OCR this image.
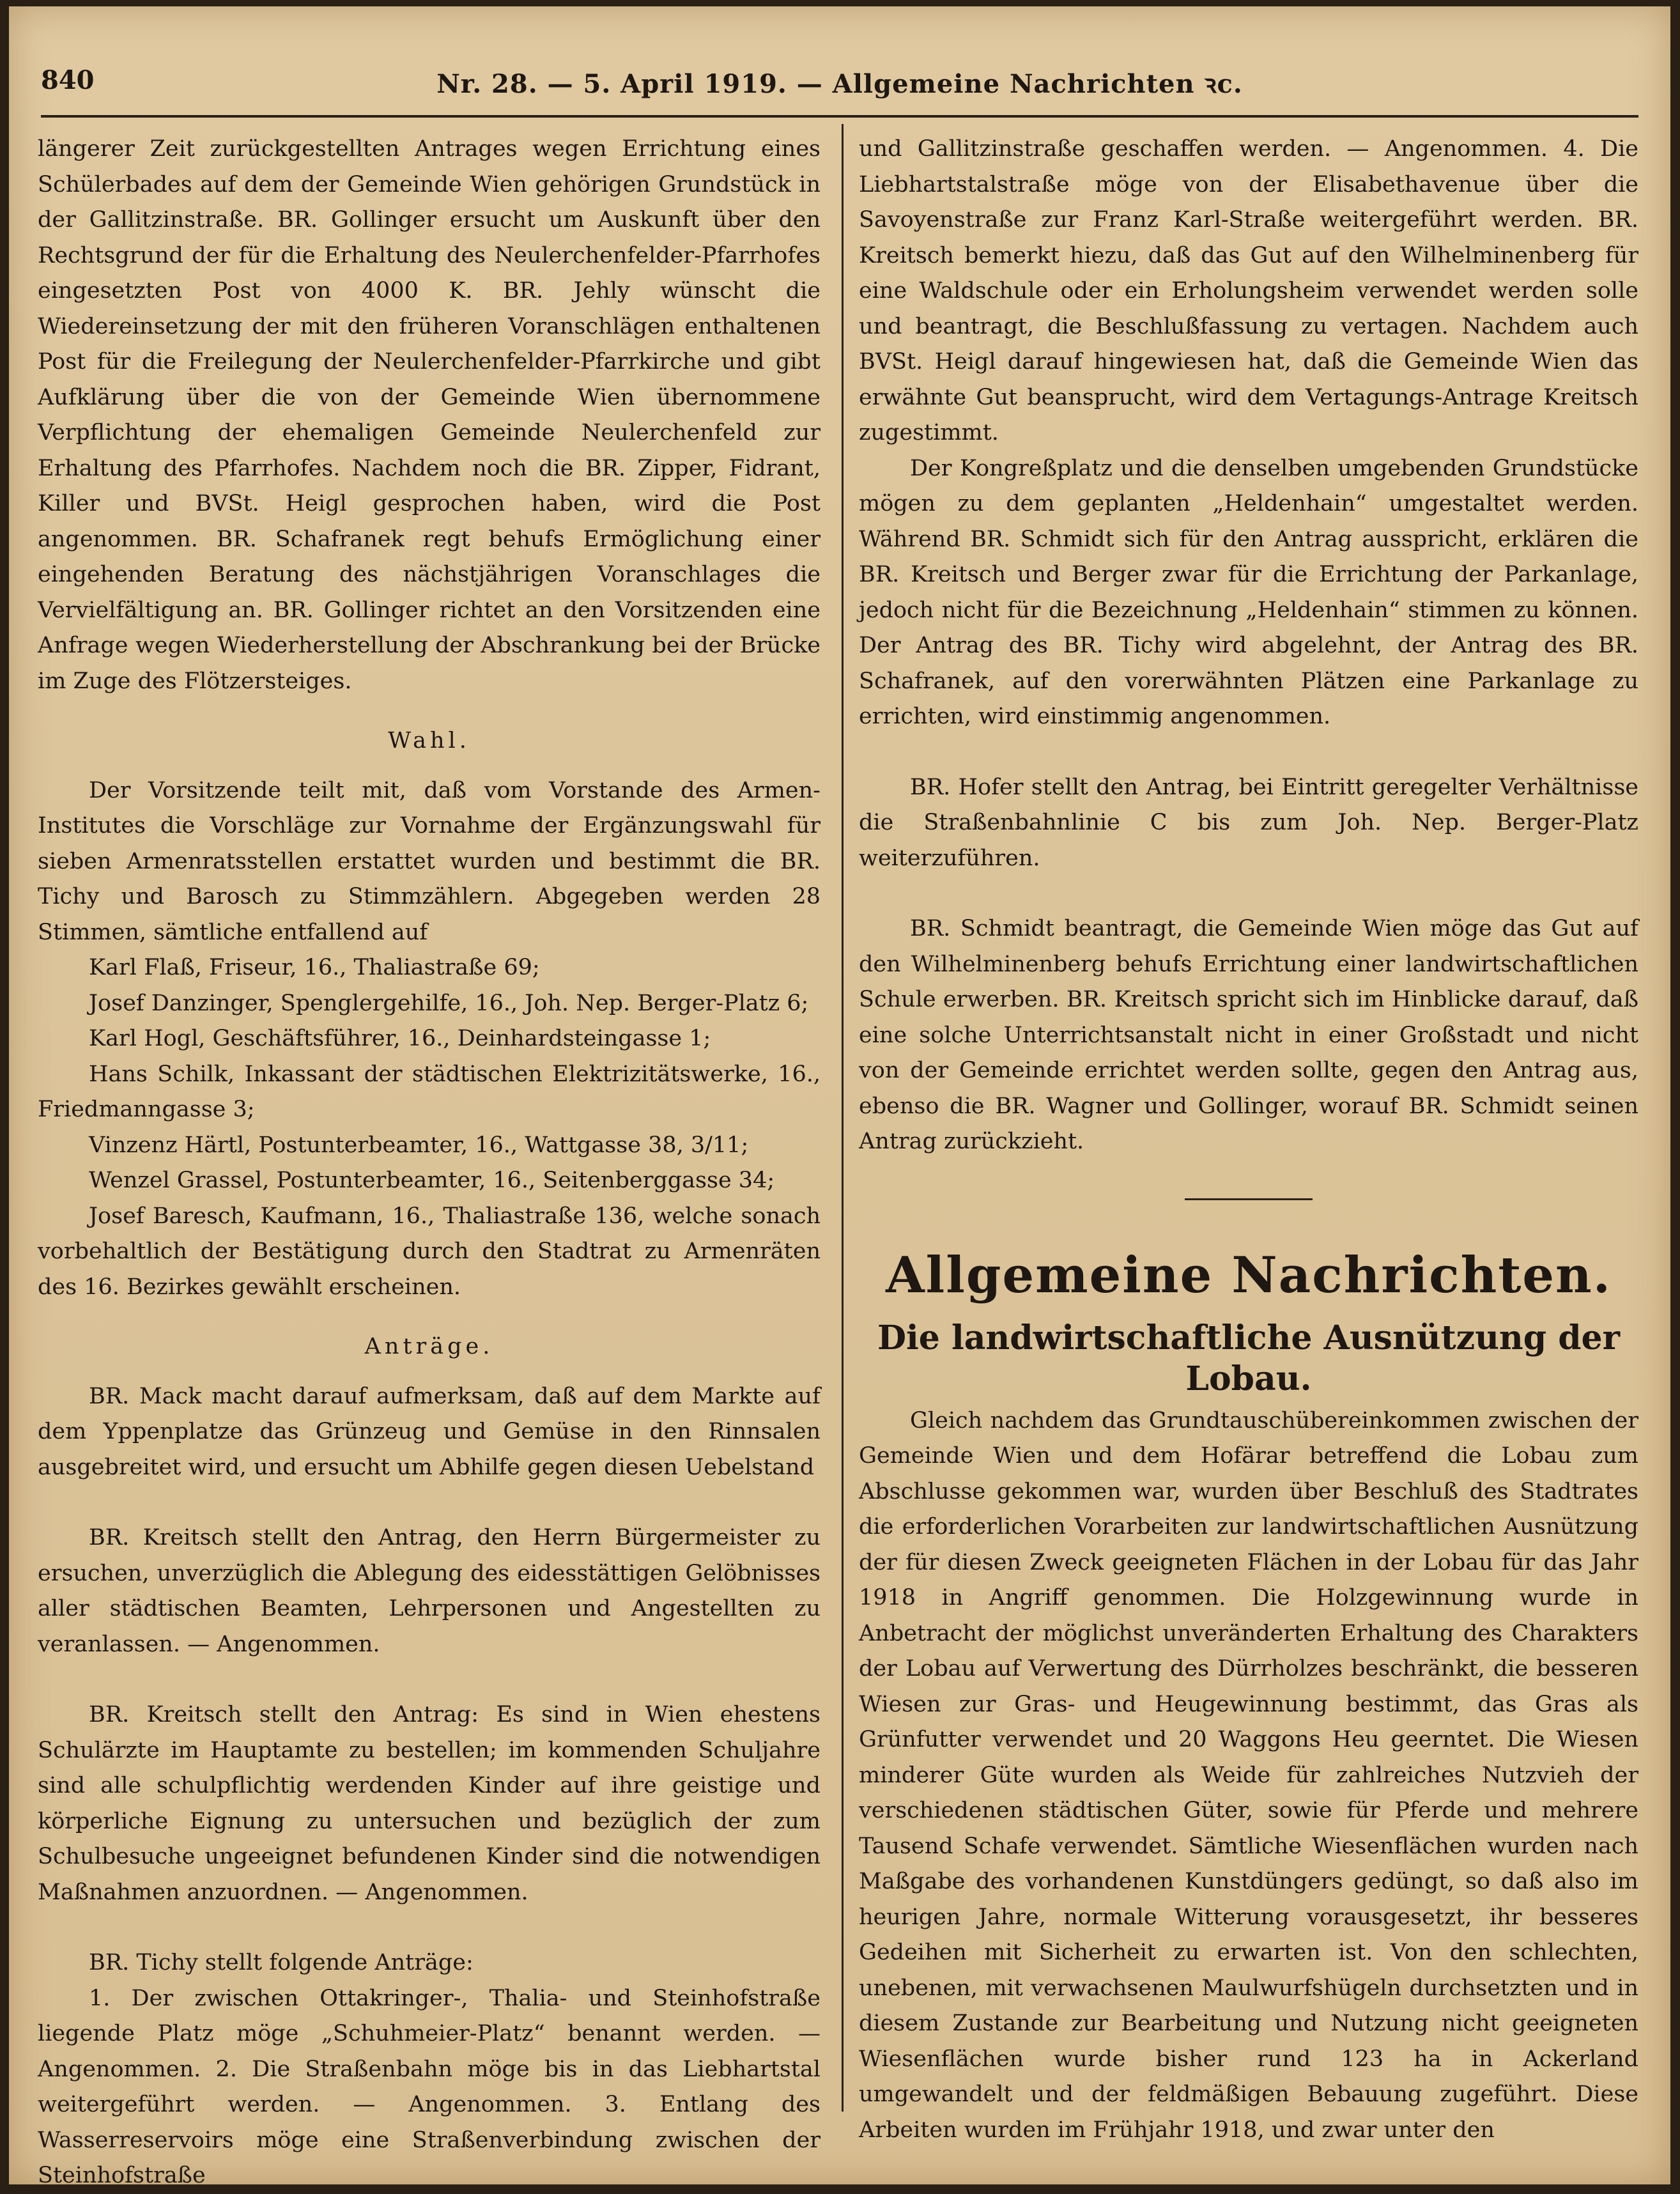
840	Nr. 28. — 5. April 1919. — Allgemeine Nachrichten ꝛc.

längerer Zeit zurückgestellten Antrages wegen Errichtung eines Schülerbades auf dem der Gemeinde Wien gehörigen Grundstück in der Gallitzinstraße. BR. Gollinger ersucht um Auskunft über den Rechtsgrund der für die Erhaltung des Neulerchenfelder-Pfarrhofes eingesetzten Post von 4000 K. BR. Jehly wünscht die Wiedereinsetzung der mit den früheren Voranschlägen enthaltenen Post für die Freilegung der Neulerchenfelder-Pfarrkirche und gibt Aufklärung über die von der Gemeinde Wien übernommene Verpflichtung der ehemaligen Gemeinde Neulerchenfeld zur Erhaltung des Pfarrhofes. Nachdem noch die BR. Zipper, Fidrant, Killer und BVSt. Heigl gesprochen haben, wird die Post angenommen. BR. Schafranek regt behufs Ermöglichung einer eingehenden Beratung des nächstjährigen Voranschlages die Vervielfältigung an. BR. Gollinger richtet an den Vorsitzenden eine Anfrage wegen Wiederherstellung der Abschrankung bei der Brücke im Zuge des Flötzersteiges.

Wahl.

Der Vorsitzende teilt mit, daß vom Vorstande des Armen-Institutes die Vorschläge zur Vornahme der Ergänzungswahl für sieben Armenratsstellen erstattet wurden und bestimmt die BR. Tichy und Barosch zu Stimmzählern. Abgegeben werden 28 Stimmen, sämtliche entfallend auf

Karl Flaß, Friseur, 16., Thaliastraße 69;

Josef Danzinger, Spenglergehilfe, 16., Joh. Nep. Berger-Platz 6;

Karl Hogl, Geschäftsführer, 16., Deinhardsteingasse 1;

Hans Schilk, Inkassant der städtischen Elektrizitätswerke, 16., Friedmanngasse 3;

Vinzenz Härtl, Postunterbeamter, 16., Wattgasse 38, 3/11;

Wenzel Grassel, Postunterbeamter, 16., Seitenberggasse 34;

Josef Baresch, Kaufmann, 16., Thaliastraße 136, welche sonach vorbehaltlich der Bestätigung durch den Stadtrat zu Armenräten des 16. Bezirkes gewählt erscheinen.

Anträge.

BR. Mack macht darauf aufmerksam, daß auf dem Markte auf dem Yppenplatze das Grünzeug und Gemüse in den Rinnsalen ausgebreitet wird, und ersucht um Abhilfe gegen diesen Uebelstand

BR. Kreitsch stellt den Antrag, den Herrn Bürgermeister zu ersuchen, unverzüglich die Ablegung des eidesstättigen Gelöbnisses aller städtischen Beamten, Lehrpersonen und Angestellten zu veranlassen. — Angenommen.

BR. Kreitsch stellt den Antrag: Es sind in Wien ehestens Schulärzte im Hauptamte zu bestellen; im kommenden Schuljahre sind alle schulpflichtig werdenden Kinder auf ihre geistige und körperliche Eignung zu untersuchen und bezüglich der zum Schulbesuche ungeeignet befundenen Kinder sind die notwendigen Maßnahmen anzuordnen. — Angenommen.

BR. Tichy stellt folgende Anträge:

1. Der zwischen Ottakringer-, Thalia- und Steinhofstraße liegende Platz möge „Schuhmeier-Platz“ benannt werden. — Angenommen. 2. Die Straßenbahn möge bis in das Liebhartstal weitergeführt werden. — Angenommen. 3. Entlang des Wasserreservoirs möge eine Straßenverbindung zwischen der Steinhofstraße

und Gallitzinstraße geschaffen werden. — Angenommen. 4. Die Liebhartstalstraße möge von der Elisabethavenue über die Savoyenstraße zur Franz Karl-Straße weitergeführt werden. BR. Kreitsch bemerkt hiezu, daß das Gut auf den Wilhelminenberg für eine Waldschule oder ein Erholungsheim verwendet werden solle und beantragt, die Beschlußfassung zu vertagen. Nachdem auch BVSt. Heigl darauf hingewiesen hat, daß die Gemeinde Wien das erwähnte Gut beansprucht, wird dem Vertagungs-Antrage Kreitsch zugestimmt.

Der Kongreßplatz und die denselben umgebenden Grundstücke mögen zu dem geplanten „Heldenhain“ umgestaltet werden. Während BR. Schmidt sich für den Antrag ausspricht, erklären die BR. Kreitsch und Berger zwar für die Errichtung der Parkanlage, jedoch nicht für die Bezeichnung „Heldenhain“ stimmen zu können. Der Antrag des BR. Tichy wird abgelehnt, der Antrag des BR. Schafranek, auf den vorerwähnten Plätzen eine Parkanlage zu errichten, wird einstimmig angenommen.

BR. Hofer stellt den Antrag, bei Eintritt geregelter Verhältnisse die Straßenbahnlinie C bis zum Joh. Nep. Berger-Platz weiterzuführen.

BR. Schmidt beantragt, die Gemeinde Wien möge das Gut auf den Wilhelminenberg behufs Errichtung einer landwirtschaftlichen Schule erwerben. BR. Kreitsch spricht sich im Hinblicke darauf, daß eine solche Unterrichtsanstalt nicht in einer Großstadt und nicht von der Gemeinde errichtet werden sollte, gegen den Antrag aus, ebenso die BR. Wagner und Gollinger, worauf BR. Schmidt seinen Antrag zurückzieht.

Allgemeine Nachrichten.
Die landwirtschaftliche Ausnützung der Lobau.

Gleich nachdem das Grundtauschübereinkommen zwischen der Gemeinde Wien und dem Hofärar betreffend die Lobau zum Abschlusse gekommen war, wurden über Beschluß des Stadtrates die erforderlichen Vorarbeiten zur landwirtschaftlichen Ausnützung der für diesen Zweck geeigneten Flächen in der Lobau für das Jahr 1918 in Angriff genommen. Die Holzgewinnung wurde in Anbetracht der möglichst unveränderten Erhaltung des Charakters der Lobau auf Verwertung des Dürrholzes beschränkt, die besseren Wiesen zur Gras- und Heugewinnung bestimmt, das Gras als Grünfutter verwendet und 20 Waggons Heu geerntet. Die Wiesen minderer Güte wurden als Weide für zahlreiches Nutzvieh der verschiedenen städtischen Güter, sowie für Pferde und mehrere Tausend Schafe verwendet. Sämtliche Wiesenflächen wurden nach Maßgabe des vorhandenen Kunstdüngers gedüngt, so daß also im heurigen Jahre, normale Witterung vorausgesetzt, ihr besseres Gedeihen mit Sicherheit zu erwarten ist. Von den schlechten, unebenen, mit verwachsenen Maulwurfshügeln durchsetzten und in diesem Zustande zur Bearbeitung und Nutzung nicht geeigneten Wiesenflächen wurde bisher rund 123 ha in Ackerland umgewandelt und der feldmäßigen Bebauung zugeführt. Diese Arbeiten wurden im Frühjahr 1918, und zwar unter den
